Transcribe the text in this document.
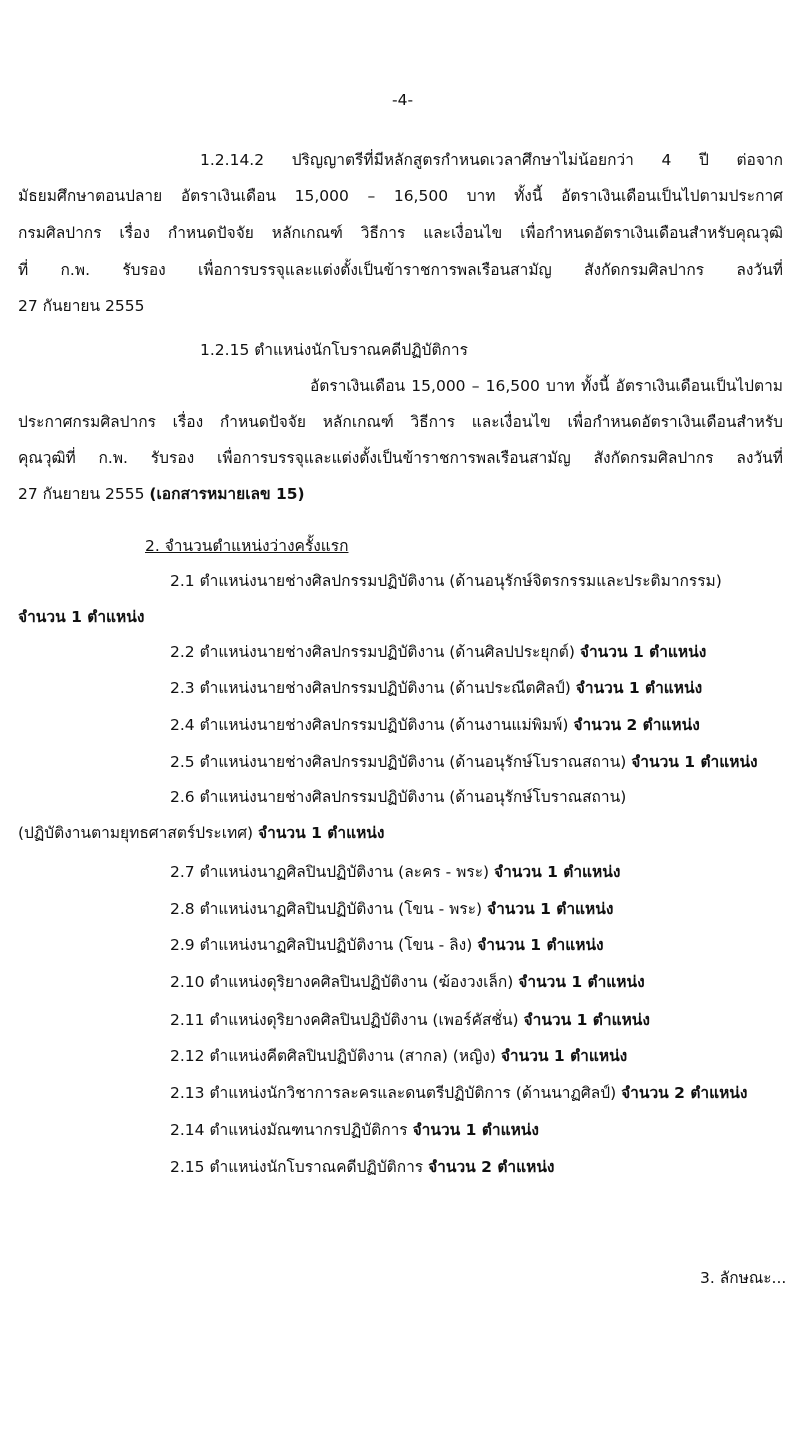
-4-
1.2.14.2 ปริญญาตรีที่มีหลักสูตรกำหนดเวลาศึกษาไม่น้อยกว่า 4 ปี ต่อจาก
มัธยมศึกษาตอนปลาย อัตราเงินเดือน 15,000 – 16,500 บาท ทั้งนี้ อัตราเงินเดือนเป็นไปตามประกาศ
กรมศิลปากร เรื่อง กำหนดปัจจัย หลักเกณฑ์ วิธีการ และเงื่อนไข เพื่อกำหนดอัตราเงินเดือนสำหรับคุณวุฒิ
ที่ ก.พ. รับรอง เพื่อการบรรจุและแต่งตั้งเป็นข้าราชการพลเรือนสามัญ สังกัดกรมศิลปากร ลงวันที่
27 กันยายน 2555
1.2.15 ตำแหน่งนักโบราณคดีปฏิบัติการ
อัตราเงินเดือน 15,000 – 16,500 บาท ทั้งนี้ อัตราเงินเดือนเป็นไปตาม
ประกาศกรมศิลปากร เรื่อง กำหนดปัจจัย หลักเกณฑ์ วิธีการ และเงื่อนไข เพื่อกำหนดอัตราเงินเดือนสำหรับ
คุณวุฒิที่ ก.พ. รับรอง เพื่อการบรรจุและแต่งตั้งเป็นข้าราชการพลเรือนสามัญ สังกัดกรมศิลปากร ลงวันที่
27 กันยายน 2555 (เอกสารหมายเลข 15)
2. จำนวนตำแหน่งว่างครั้งแรก
2.1 ตำแหน่งนายช่างศิลปกรรมปฏิบัติงาน (ด้านอนุรักษ์จิตรกรรมและประติมากรรม)
จำนวน 1 ตำแหน่ง
2.2 ตำแหน่งนายช่างศิลปกรรมปฏิบัติงาน (ด้านศิลปประยุกต์) จำนวน 1 ตำแหน่ง
2.3 ตำแหน่งนายช่างศิลปกรรมปฏิบัติงาน (ด้านประณีตศิลป์) จำนวน 1 ตำแหน่ง
2.4 ตำแหน่งนายช่างศิลปกรรมปฏิบัติงาน (ด้านงานแม่พิมพ์) จำนวน 2 ตำแหน่ง
2.5 ตำแหน่งนายช่างศิลปกรรมปฏิบัติงาน (ด้านอนุรักษ์โบราณสถาน) จำนวน 1 ตำแหน่ง
2.6 ตำแหน่งนายช่างศิลปกรรมปฏิบัติงาน (ด้านอนุรักษ์โบราณสถาน)
(ปฏิบัติงานตามยุทธศาสตร์ประเทศ) จำนวน 1 ตำแหน่ง
2.7 ตำแหน่งนาฏศิลปินปฏิบัติงาน (ละคร - พระ) จำนวน 1 ตำแหน่ง
2.8 ตำแหน่งนาฏศิลปินปฏิบัติงาน (โขน - พระ) จำนวน 1 ตำแหน่ง
2.9 ตำแหน่งนาฏศิลปินปฏิบัติงาน (โขน - ลิง) จำนวน 1 ตำแหน่ง
2.10 ตำแหน่งดุริยางคศิลปินปฏิบัติงาน (ฆ้องวงเล็ก) จำนวน 1 ตำแหน่ง
2.11 ตำแหน่งดุริยางคศิลปินปฏิบัติงาน (เพอร์คัสชั่น) จำนวน 1 ตำแหน่ง
2.12 ตำแหน่งคีตศิลปินปฏิบัติงาน (สากล) (หญิง) จำนวน 1 ตำแหน่ง
2.13 ตำแหน่งนักวิชาการละครและดนตรีปฏิบัติการ (ด้านนาฏศิลป์) จำนวน 2 ตำแหน่ง
2.14 ตำแหน่งมัณฑนากรปฏิบัติการ จำนวน 1 ตำแหน่ง
2.15 ตำแหน่งนักโบราณคดีปฏิบัติการ จำนวน 2 ตำแหน่ง
3. ลักษณะ...
